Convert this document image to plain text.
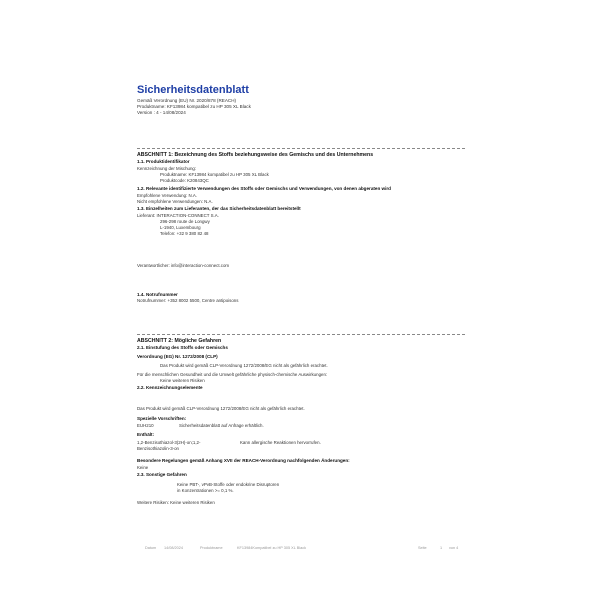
Sicherheitsdatenblatt
Gemäß Verordnung (EU) Nr. 2020/878 (REACH)
Produktname: KF13984 kompatibel zu HP 305 XL Black
Version : 4 - 14/08/2024
ABSCHNITT 1: Bezeichnung des Stoffs beziehungsweise des Gemischs und des Unternehmens
1.1. Produktidentifikator
Kennzeichnung der Mischung:
Produktname: KF13984 kompatibel zu HP 305 XL Black
Produktcode: K20843QC
1.2. Relevante identifizierte Verwendungen des Stoffs oder Gemischs und Verwendungen, von denen abgeraten wird
Empfohlene Verwendung: N.A.
Nicht empfohlene Verwendungen: N.A.
1.3. Einzelheiten zum Lieferanten, der das Sicherheitsdatenblatt bereitstellt
Lieferant: INTERACTION-CONNECT S.A.
296-298 route de Longwy
L-1940, Luxembourg
Telefon: +32 9 380 82 48
Verantwortlicher: info@interaction-connect.com
1.4. Notrufnummer
Notrufnummer: +352 8002 5500, Centre antipoisons
ABSCHNITT 2: Mögliche Gefahren
2.1. Einstufung des Stoffs oder Gemischs
Verordnung (EG) Nr. 1272/2008 (CLP)
Das Produkt wird gemäß CLP-Verordnung 1272/2008/EG nicht als gefährlich erachtet.
Für die menschlichen Gesundheit und die Umwelt gefährliche physisch-chemische Auswirkungen:
Keine weiteren Risiken
2.2. Kennzeichnungselemente
Das Produkt wird gemäß CLP-Verordnung 1272/2008/EG nicht als gefährlich erachtet.
Spezielle Vorschriften:
EUH210	Sicherheitsdatenblatt auf Anfrage erhältlich.
Enthält:
1,2-Benzisothiazol-3(2H)-on;1,2-
Benzisothiazolin-3-on
Kann allergische Reaktionen hervorrufen.
Besondere Regelungen gemäß Anhang XVII der REACH-Verordnung nachfolgenden Änderungen:
Keine
2.3. Sonstige Gefahren
Keine PBT-, vPvB-Stoffe oder endokrine Disruptoren
in Konzentrationen >= 0,1 %.
Weitere Risiken: Keine weiteren Risiken
Datum 14/08/2024	Produktname	KF13984Kompatibel zu HP 305 XL Black	Seite	1 von 4
